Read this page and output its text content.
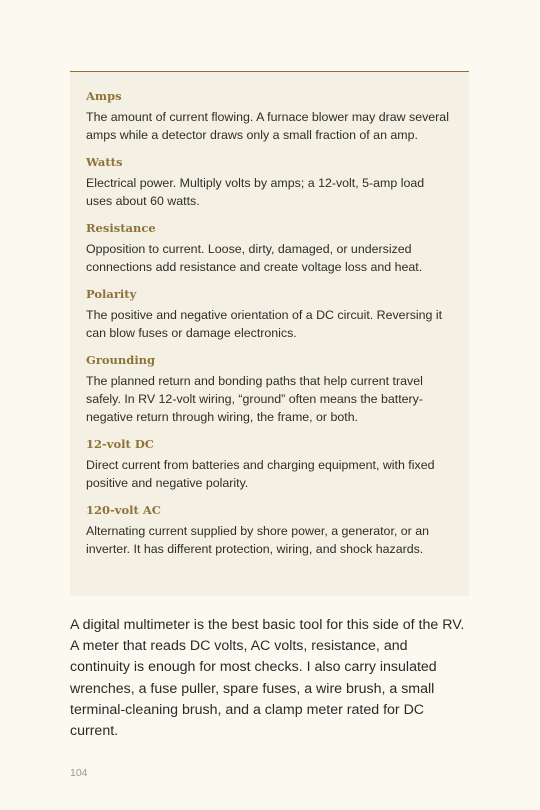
Amps

The amount of current flowing. A furnace blower may draw several amps while a detector draws only a small fraction of an amp.

Watts

Electrical power. Multiply volts by amps; a 12-volt, 5-amp load uses about 60 watts.

Resistance

Opposition to current. Loose, dirty, damaged, or undersized connections add resistance and create voltage loss and heat.

Polarity

The positive and negative orientation of a DC circuit. Reversing it can blow fuses or damage electronics.

Grounding

The planned return and bonding paths that help current travel safely. In RV 12-volt wiring, “ground” often means the battery-negative return through wiring, the frame, or both.

12-volt DC

Direct current from batteries and charging equipment, with fixed positive and negative polarity.

120-volt AC

Alternating current supplied by shore power, a generator, or an inverter. It has different protection, wiring, and shock hazards.

A digital multimeter is the best basic tool for this side of the RV. A meter that reads DC volts, AC volts, resistance, and continuity is enough for most checks. I also carry insulated wrenches, a fuse puller, spare fuses, a wire brush, a small terminal-cleaning brush, and a clamp meter rated for DC current.

104
